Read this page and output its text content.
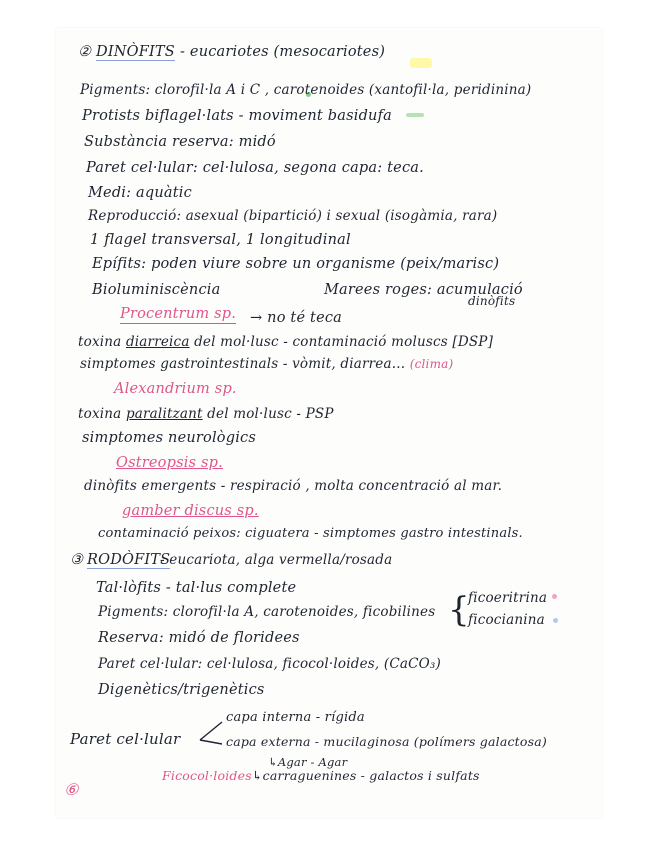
② DINÒFITS - eucariotes (mesocariotes)
Pigments: clorofil·la A i C , carotenoides (xantofil·la, peridinina)
Protists biflagel·lats - moviment basidufa
Substància reserva: midó
Paret cel·lular: cel·lulosa, segona capa: teca.
Medi: aquàtic
Reproducció: asexual (bipartició) i sexual (isogàmia, rara)
1 flagel transversal, 1 longitudinal
Epífits: poden viure sobre un organisme (peix/marisc)
Bioluminiscència	Marees roges: acumulació
dinòfits
Procentrum sp. → no té teca
toxina diarreica del mol·lusc - contaminació moluscs [DSP]
simptomes gastrointestinals - vòmit, diarrea... (clima)
Alexandrium sp.
toxina paralitzant del mol·lusc - PSP
simptomes neurològics
Ostreopsis sp.
dinòfits emergents - respiració , molta concentració al mar.
gamber discus sp.
contaminació peixos: ciguatera - simptomes gastro intestinals.
③ RODÒFITS
- eucariota, alga vermella/rosada
Tal·lòfits - tal·lus complete
Pigments: clorofil·la A, carotenoides, ficobilines {
ficoeritrina
ficocianina
Reserva: midó de floridees
Paret cel·lular: cel·lulosa, ficocol·loides, (CaCO₃)
Digenètics/trigenètics
Paret cel·lular
capa interna - rígida
capa externa - mucilaginosa (polímers galactosa)
↳Agar - Agar
Ficocol·loides ↳carraguenines - galactos i sulfats
⑥
